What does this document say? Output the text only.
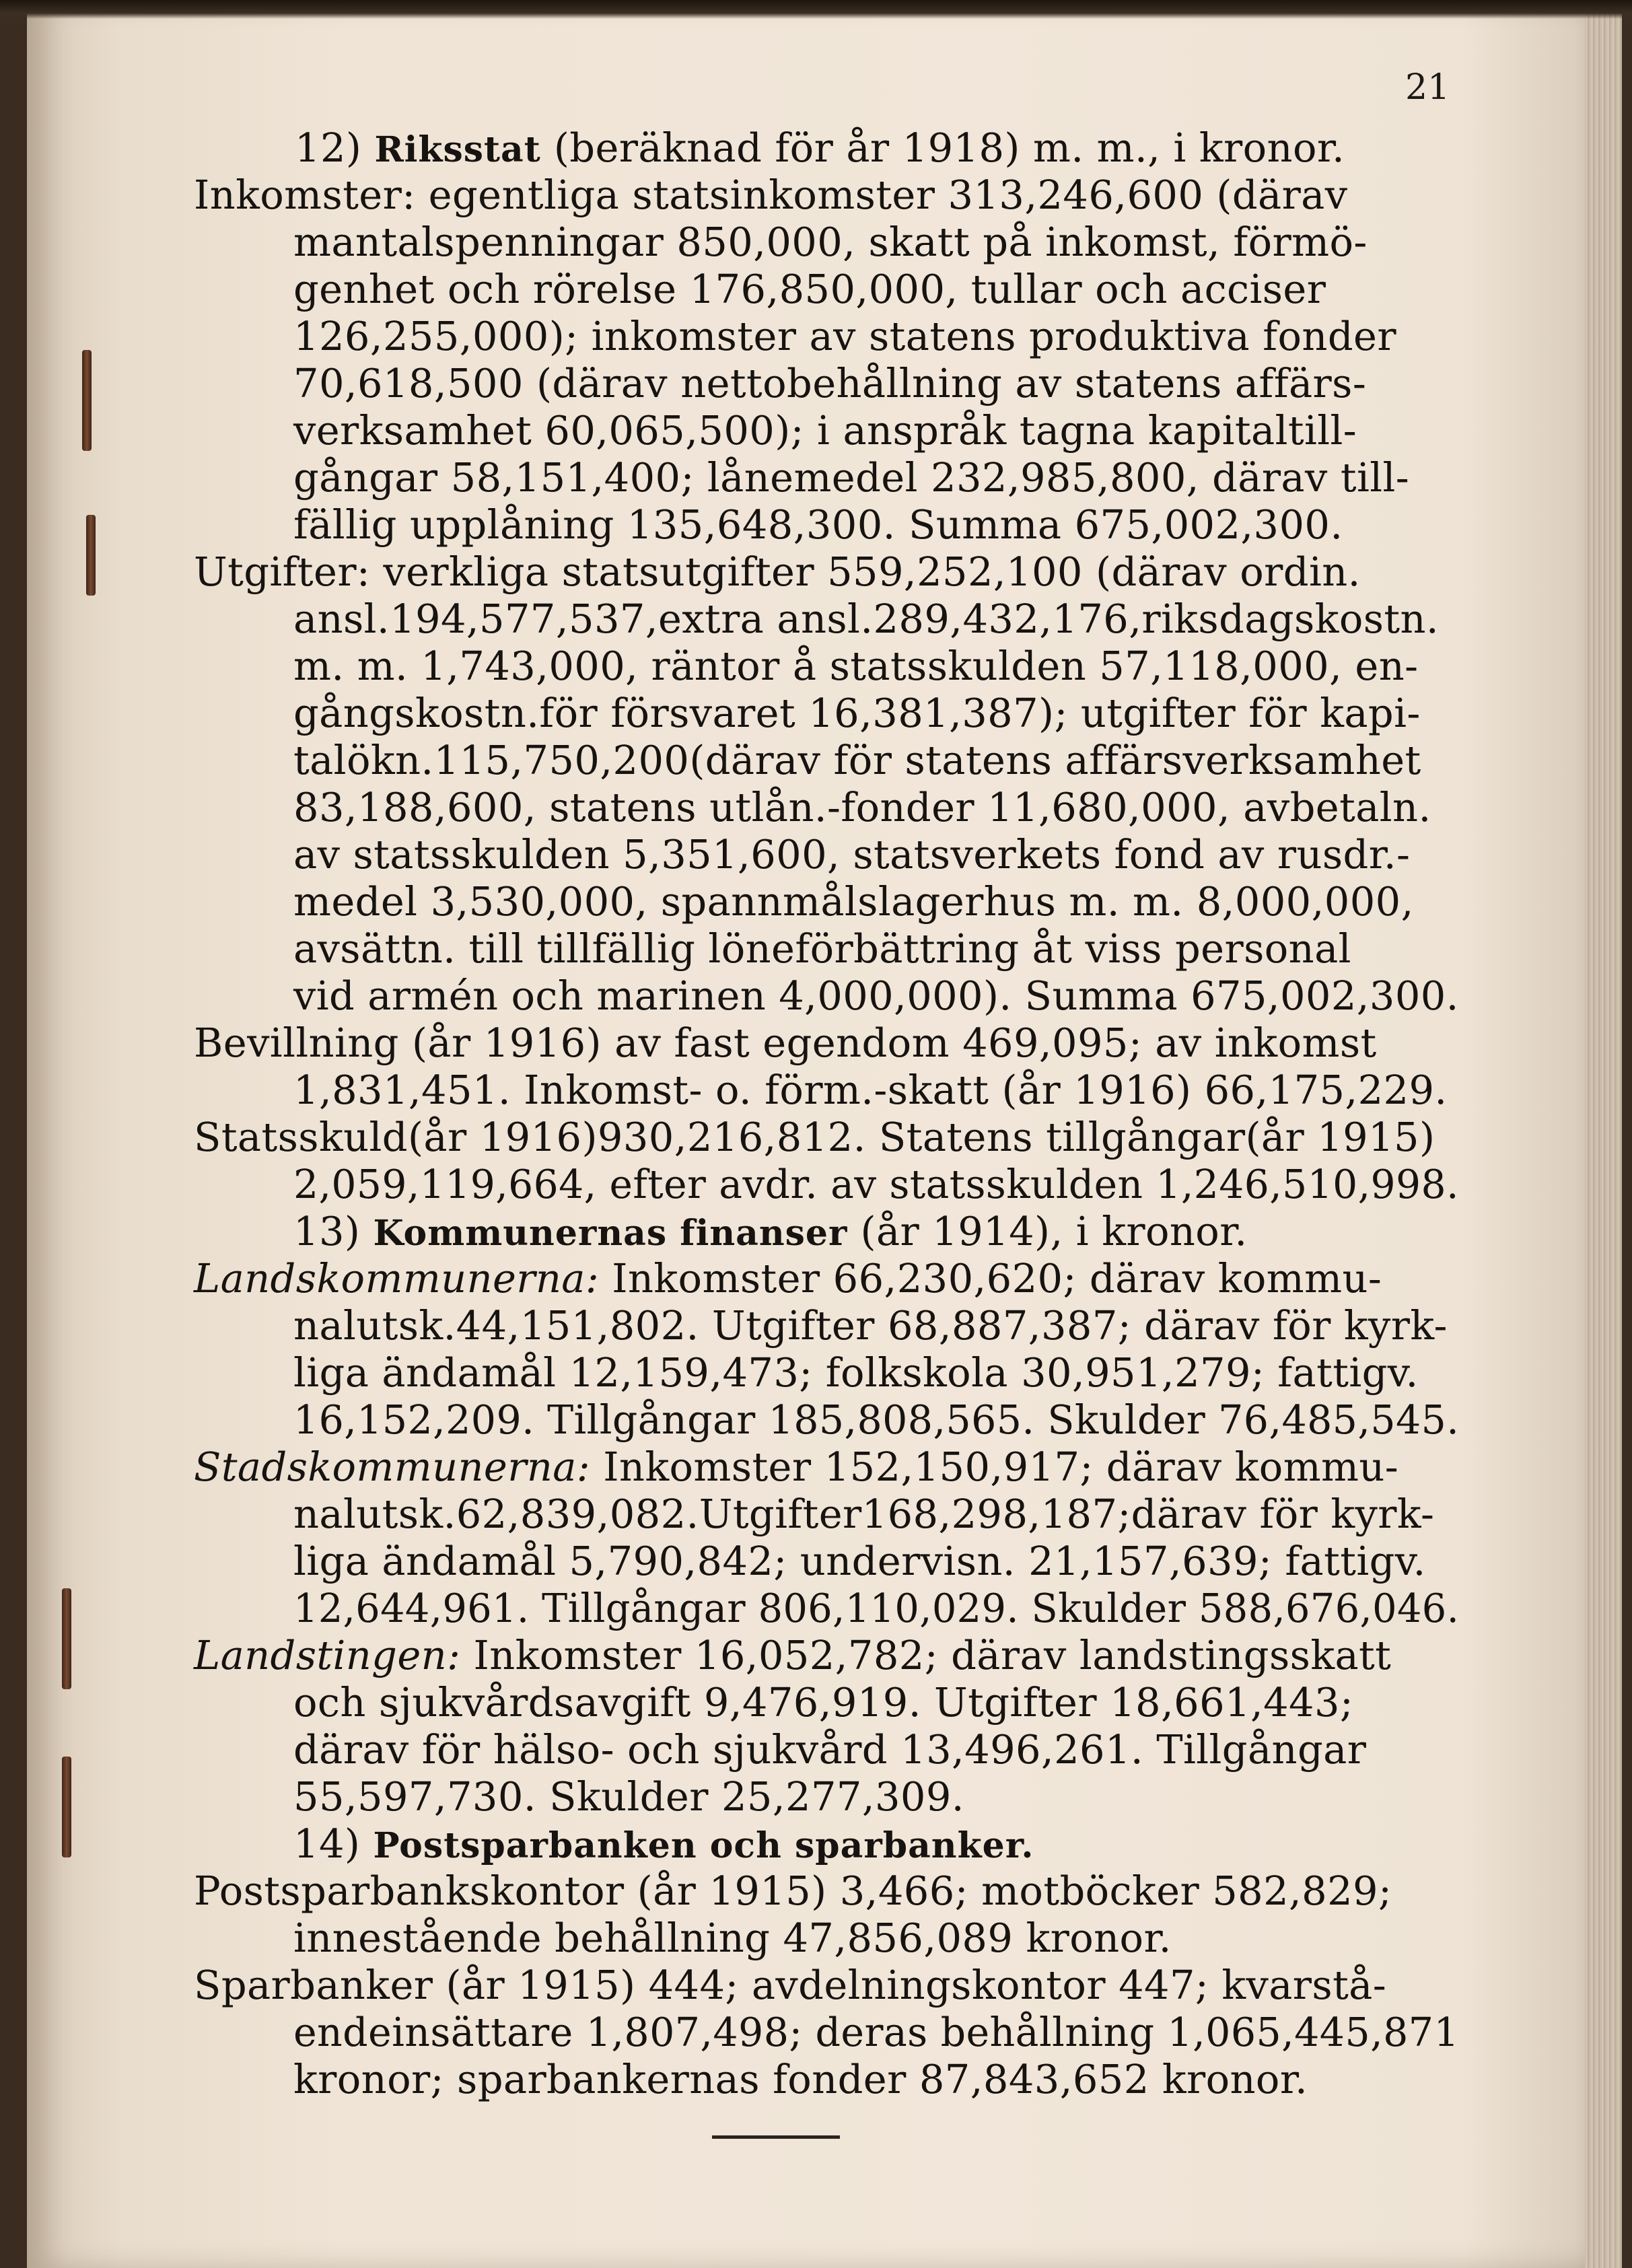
21
12) Riksstat (beräknad för år 1918) m. m., i kronor.
Inkomster: egentliga statsinkomster 313,246,600 (därav
mantalspenningar 850,000, skatt på inkomst, förmö-
genhet och rörelse 176,850,000, tullar och acciser
126,255,000); inkomster av statens produktiva fonder
70,618,500 (därav nettobehållning av statens affärs-
verksamhet 60,065,500); i anspråk tagna kapitaltill-
gångar 58,151,400; lånemedel 232,985,800, därav till-
fällig upplåning 135,648,300. Summa 675,002,300.
Utgifter: verkliga statsutgifter 559,252,100 (därav ordin.
ansl.194,577,537,extra ansl.289,432,176,riksdagskostn.
m. m. 1,743,000, räntor å statsskulden 57,118,000, en-
gångskostn.för försvaret 16,381,387); utgifter för kapi-
talökn.115,750,200(därav för statens affärsverksamhet
83,188,600, statens utlån.-fonder 11,680,000, avbetaln.
av statsskulden 5,351,600, statsverkets fond av rusdr.-
medel 3,530,000, spannmålslagerhus m. m. 8,000,000,
avsättn. till tillfällig löneförbättring åt viss personal
vid armén och marinen 4,000,000). Summa 675,002,300.
Bevillning (år 1916) av fast egendom 469,095; av inkomst
1,831,451. Inkomst- o. förm.-skatt (år 1916) 66,175,229.
Statsskuld(år 1916)930,216,812. Statens tillgångar(år 1915)
2,059,119,664, efter avdr. av statsskulden 1,246,510,998.
13) Kommunernas finanser (år 1914), i kronor.
Landskommunerna: Inkomster 66,230,620; därav kommu-
nalutsk.44,151,802. Utgifter 68,887,387; därav för kyrk-
liga ändamål 12,159,473; folkskola 30,951,279; fattigv.
16,152,209. Tillgångar 185,808,565. Skulder 76,485,545.
Stadskommunerna: Inkomster 152,150,917; därav kommu-
nalutsk.62,839,082.Utgifter168,298,187;därav för kyrk-
liga ändamål 5,790,842; undervisn. 21,157,639; fattigv.
12,644,961. Tillgångar 806,110,029. Skulder 588,676,046.
Landstingen: Inkomster 16,052,782; därav landstingsskatt
och sjukvårdsavgift 9,476,919. Utgifter 18,661,443;
därav för hälso- och sjukvård 13,496,261. Tillgångar
55,597,730. Skulder 25,277,309.
14) Postsparbanken och sparbanker.
Postsparbankskontor (år 1915) 3,466; motböcker 582,829;
innestående behållning 47,856,089 kronor.
Sparbanker (år 1915) 444; avdelningskontor 447; kvarstå-
endeinsättare 1,807,498; deras behållning 1,065,445,871
kronor; sparbankernas fonder 87,843,652 kronor.
